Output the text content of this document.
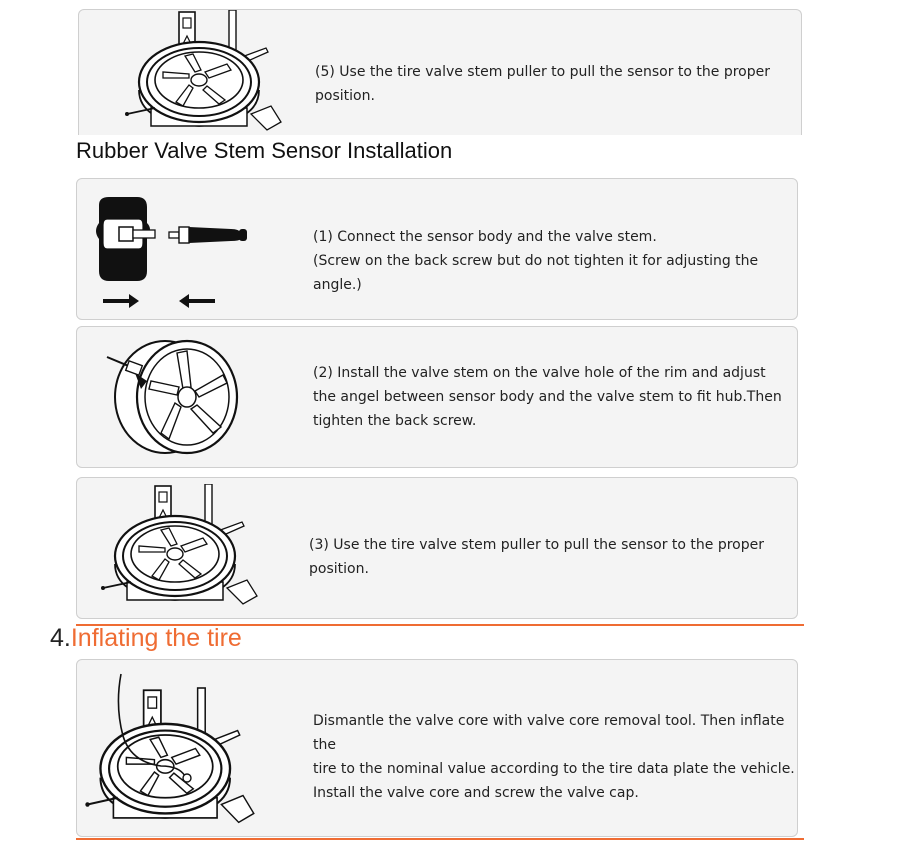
(5) Use the tire valve stem puller to pull the sensor to the proper position.
Rubber Valve Stem Sensor Installation
(1) Connect the sensor body and the valve stem.
(Screw on the back screw but do not tighten it for adjusting the angle.)
(2) Install the valve stem on the valve hole of the rim and adjust
the angel between sensor body and the valve stem to fit hub.Then
tighten the back screw.
(3) Use the tire valve stem puller to pull the sensor to the proper position.
4.Inflating the tire
Dismantle the valve core with valve core removal tool. Then inflate the
tire to the nominal value according to the tire data plate the vehicle.
Install the valve core and screw the valve cap.
